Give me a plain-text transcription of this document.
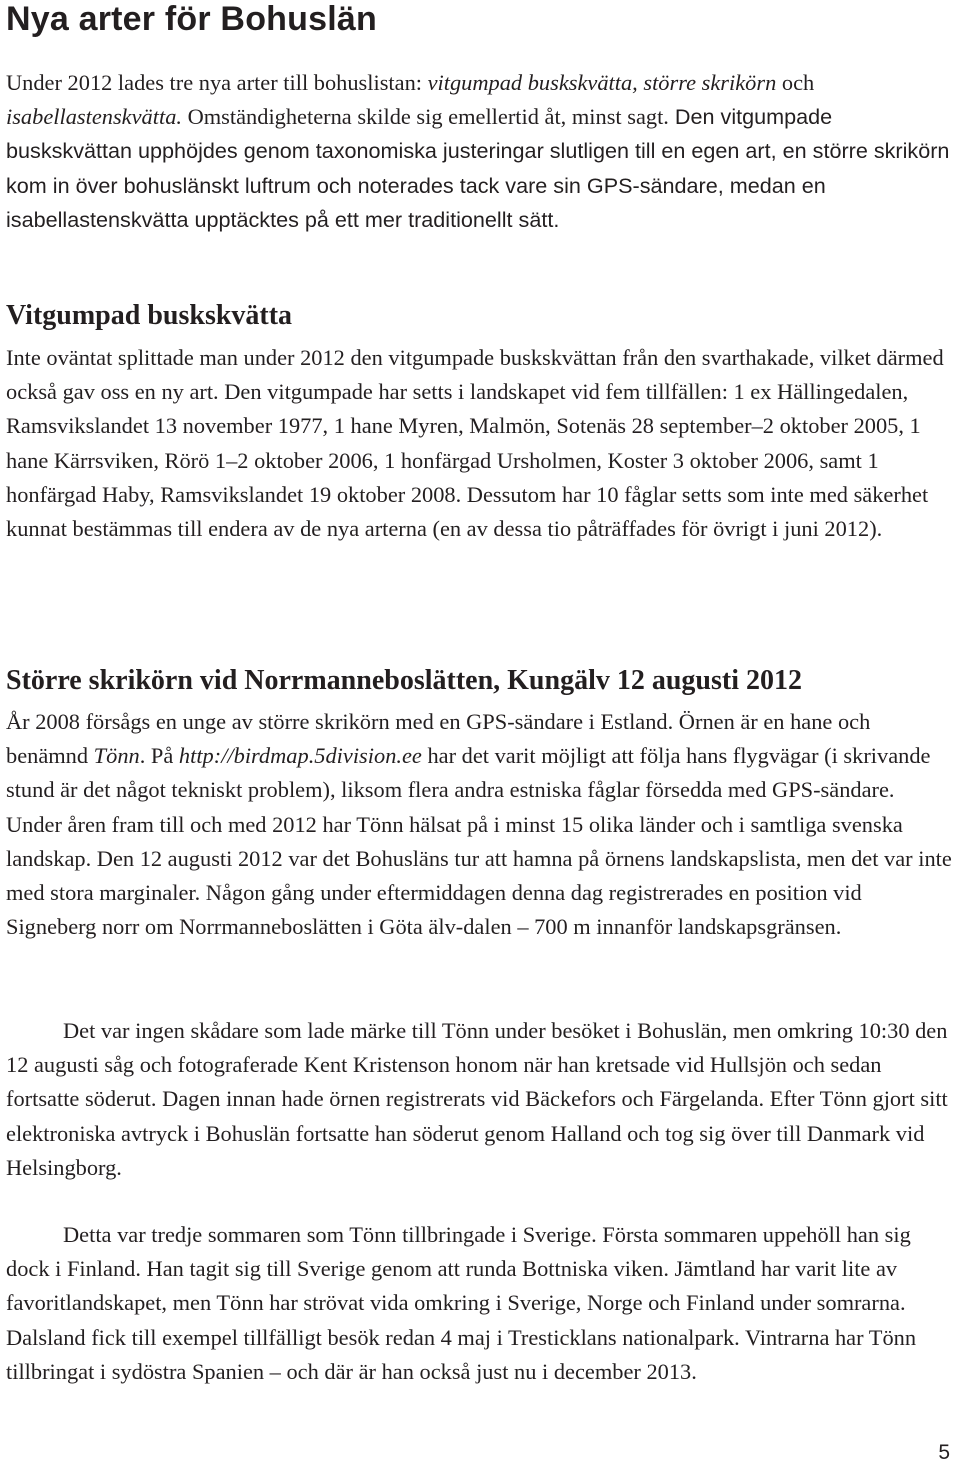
Nya arter för Bohuslän

Under 2012 lades tre nya arter till bohuslistan: vitgumpad buskskvätta, större skrikörn och isabellastenskvätta. Omständigheterna skilde sig emellertid åt, minst sagt. Den vitgumpade buskskvättan upphöjdes genom taxonomiska justeringar slutligen till en egen art, en större skrikörn kom in över bohuslänskt luftrum och noterades tack vare sin GPS-sändare, medan en isabellastenskvätta upptäcktes på ett mer traditionellt sätt.

Vitgumpad buskskvätta

Inte oväntat splittade man under 2012 den vitgumpade buskskvättan från den svarthakade, vilket därmed också gav oss en ny art. Den vitgumpade har setts i landskapet vid fem tillfällen: 1 ex Hällingedalen, Ramsvikslandet 13 november 1977, 1 hane Myren, Malmön, Sotenäs 28 september–2 oktober 2005, 1 hane Kärrsviken, Rörö 1–2 oktober 2006, 1 honfärgad Ursholmen, Koster 3 oktober 2006, samt 1 honfärgad Haby, Ramsvikslandet 19 oktober 2008. Dessutom har 10 fåglar setts som inte med säkerhet kunnat bestämmas till endera av de nya arterna (en av dessa tio påträffades för övrigt i juni 2012).

Större skrikörn vid Norrmanneboslätten, Kungälv 12 augusti 2012

År 2008 försågs en unge av större skrikörn med en GPS-sändare i Estland. Örnen är en hane och benämnd Tönn. På http://birdmap.5division.ee har det varit möjligt att följa hans flygvägar (i skrivande stund är det något tekniskt problem), liksom flera andra estniska fåglar försedda med GPS-sändare. Under åren fram till och med 2012 har Tönn hälsat på i minst 15 olika länder och i samtliga svenska landskap. Den 12 augusti 2012 var det Bohusläns tur att hamna på örnens landskapslista, men det var inte med stora marginaler. Någon gång under eftermiddagen denna dag registrerades en position vid Signeberg norr om Norrmanneboslätten i Göta älv-dalen – 700 m innanför landskapsgränsen.

Det var ingen skådare som lade märke till Tönn under besöket i Bohuslän, men omkring 10:30 den 12 augusti såg och fotograferade Kent Kristenson honom när han kretsade vid Hullsjön och sedan fortsatte söderut. Dagen innan hade örnen registrerats vid Bäckefors och Färgelanda. Efter Tönn gjort sitt elektroniska avtryck i Bohuslän fortsatte han söderut genom Halland och tog sig över till Danmark vid Helsingborg.

Detta var tredje sommaren som Tönn tillbringade i Sverige. Första sommaren uppehöll han sig dock i Finland. Han tagit sig till Sverige genom att runda Bottniska viken. Jämtland har varit lite av favoritlandskapet, men Tönn har strövat vida omkring i Sverige, Norge och Finland under somrarna. Dalsland fick till exempel tillfälligt besök redan 4 maj i Tresticklans nationalpark. Vintrarna har Tönn tillbringat i sydöstra Spanien – och där är han också just nu i december 2013.

5
